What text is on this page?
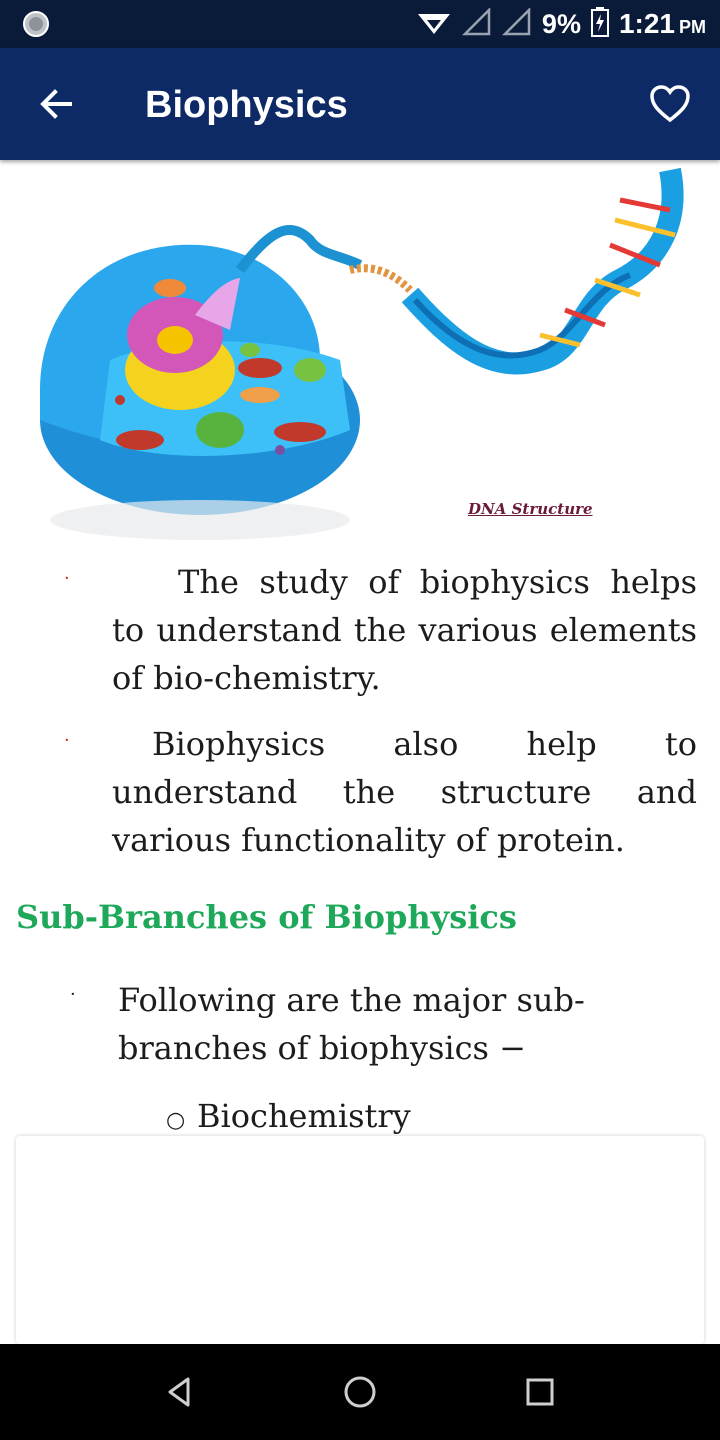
9% 1:21 PM
Biophysics
DNA Structure
·	The study of biophysics helps to understand the various elements of bio-chemistry.

·	Biophysics also help to understand the structure and various functionality of protein.

Sub-Branches of Biophysics
· Following are the major sub-branches of biophysics −

○ Biochemistry
